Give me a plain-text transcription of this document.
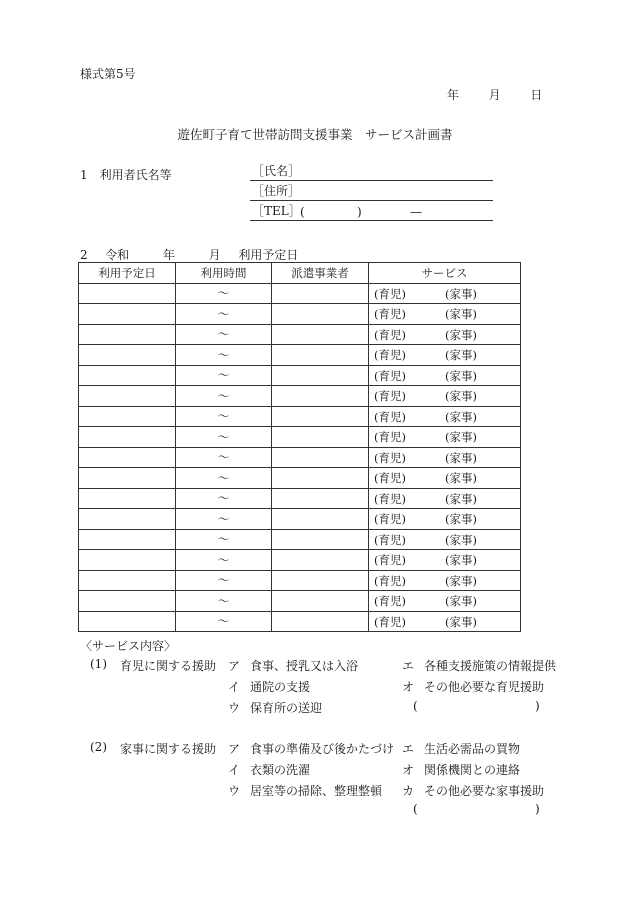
様式第5号
年 月 日
遊佐町子育て世帯訪問支援事業　サービス計画書
1　利用者氏名等	［氏名］
［住所］
［TEL］ (	)	—
2 令和	年	月 利用予定日
利用予定日	利用時間	派遣事業者	サービス
	～		(育児) (家事)

	～		(育児) (家事)

	～		(育児) (家事)

	～		(育児) (家事)

	～		(育児) (家事)

	～		(育児) (家事)

	～		(育児) (家事)

	～		(育児) (家事)

	～		(育児) (家事)

	～		(育児) (家事)

	～		(育児) (家事)

	～		(育児) (家事)

	～		(育児) (家事)

	～		(育児) (家事)

	～		(育児) (家事)

	～		(育児) (家事)

	～		(育児) (家事)
〈サービス内容〉
(1) 育児に関する援助 ア 食事、授乳又は入浴
イ 通院の支援
ウ 保育所の送迎
エ 各種支援施策の情報提供
オ その他必要な育児援助
(	)
(2) 家事に関する援助 ア 食事の準備及び後かたづけ
イ 衣類の洗濯
ウ 居室等の掃除、整理整頓
エ 生活必需品の買物
オ 関係機関との連絡
カ その他必要な家事援助
(	)
